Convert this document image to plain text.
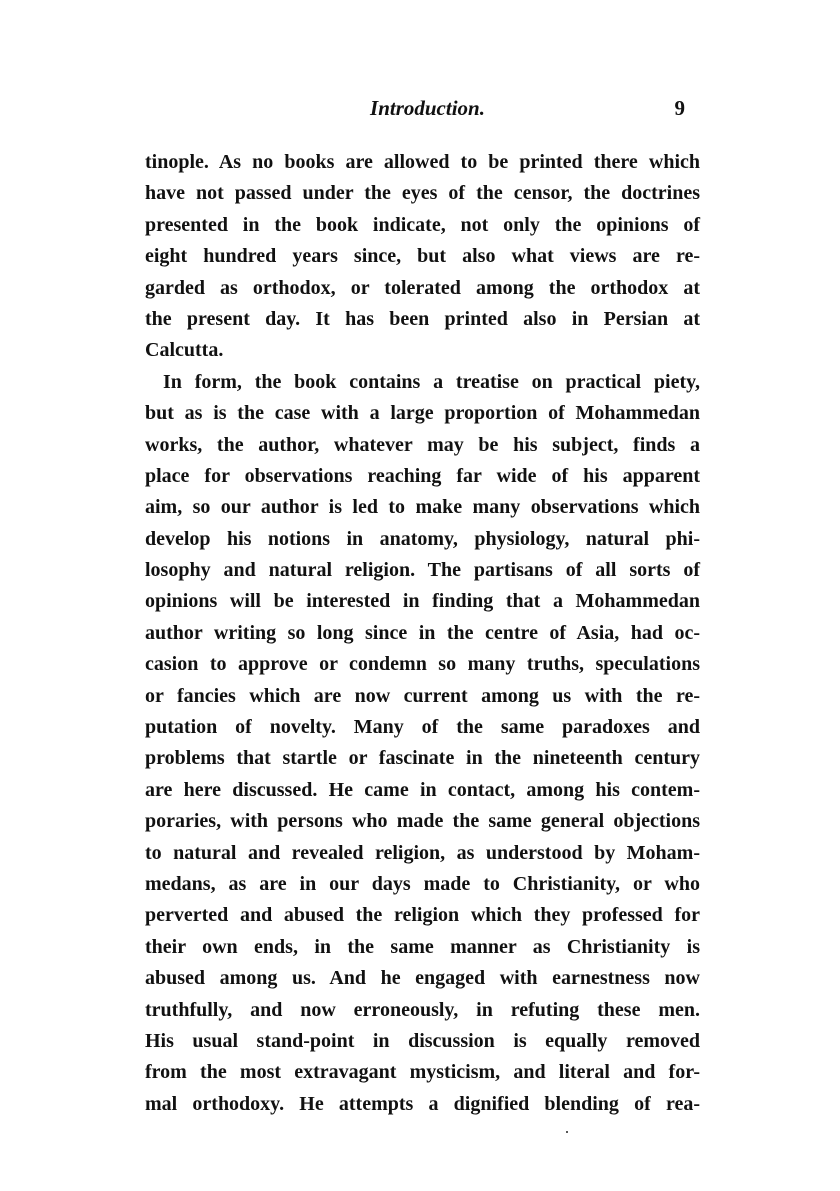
Introduction.	9

tinople. As no books are allowed to be printed there which
have not passed under the eyes of the censor, the doctrines
presented in the book indicate, not only the opinions of
eight hundred years since, but also what views are re-
garded as orthodox, or tolerated among the orthodox at
the present day. It has been printed also in Persian at
Calcutta.

In form, the book contains a treatise on practical piety,
but as is the case with a large proportion of Mohammedan
works, the author, whatever may be his subject, finds a
place for observations reaching far wide of his apparent
aim, so our author is led to make many observations which
develop his notions in anatomy, physiology, natural phi-
losophy and natural religion. The partisans of all sorts of
opinions will be interested in finding that a Mohammedan
author writing so long since in the centre of Asia, had oc-
casion to approve or condemn so many truths, speculations
or fancies which are now current among us with the re-
putation of novelty. Many of the same paradoxes and
problems that startle or fascinate in the nineteenth century
are here discussed. He came in contact, among his contem-
poraries, with persons who made the same general objections
to natural and revealed religion, as understood by Moham-
medans, as are in our days made to Christianity, or who
perverted and abused the religion which they professed for
their own ends, in the same manner as Christianity is
abused among us. And he engaged with earnestness now
truthfully, and now erroneously, in refuting these men.
His usual stand-point in discussion is equally removed
from the most extravagant mysticism, and literal and for-
mal orthodoxy. He attempts a dignified blending of rea-
